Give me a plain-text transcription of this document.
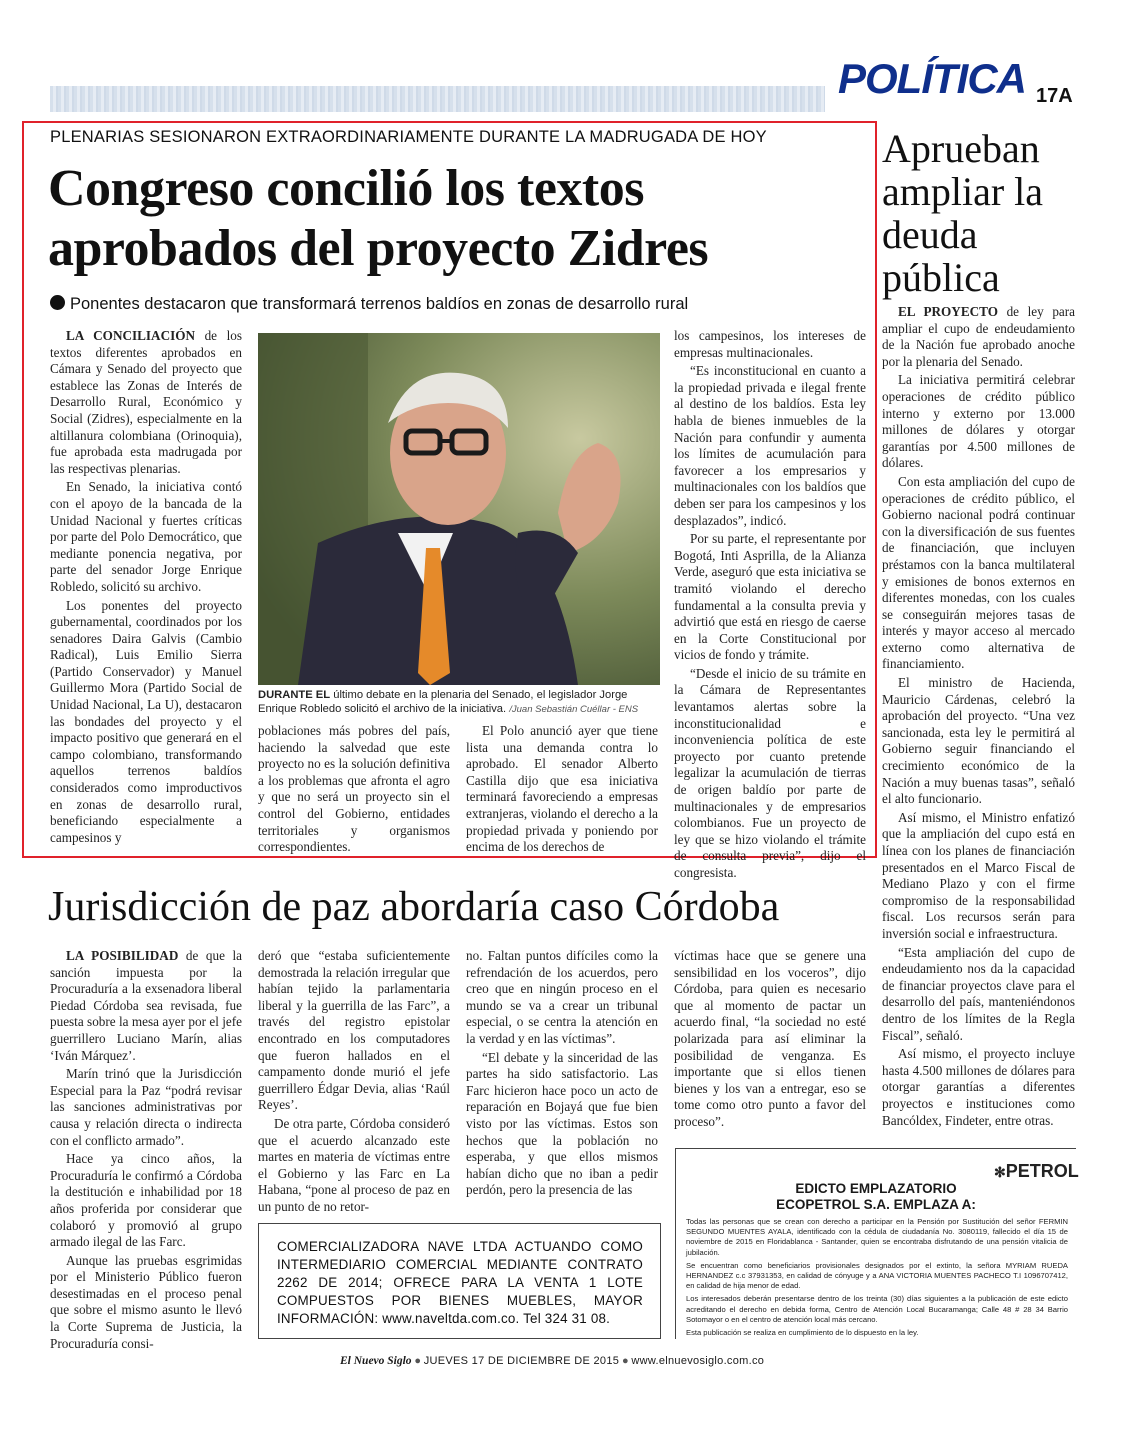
POLÍTICA 17A
PLENARIAS SESIONARON EXTRAORDINARIAMENTE DURANTE LA MADRUGADA DE HOY
Congreso concilió los textos
aprobados del proyecto Zidres
Ponentes destacaron que transformará terrenos baldíos en zonas de desarrollo rural

LA CONCILIACIÓN de los textos diferentes aprobados en Cámara y Senado del proyecto que establece las Zonas de Interés de Desarrollo Rural, Económico y Social (Zidres), especialmente en la altillanura colombiana (Orinoquia), fue aprobada esta madrugada por las respectivas plenarias.

En Senado, la iniciativa contó con el apoyo de la bancada de la Unidad Nacional y fuertes críticas por parte del Polo Democrático, que mediante ponencia negativa, por parte del senador Jorge Enrique Robledo, solicitó su archivo.

Los ponentes del proyecto gubernamental, coordinados por los senadores Daira Galvis (Cambio Radical), Luis Emilio Sierra (Partido Conservador) y Manuel Guillermo Mora (Partido Social de Unidad Nacional, La U), destacaron las bondades del proyecto y el impacto positivo que generará en el campo colombiano, transformando aquellos terrenos baldíos considerados como improductivos en zonas de desarrollo rural, beneficiando especialmente a campesinos y

DURANTE EL último debate en la plenaria del Senado, el legislador Jorge Enrique Robledo solicitó el archivo de la iniciativa. /Juan Sebastián Cuéllar - ENS

poblaciones más pobres del país, haciendo la salvedad que este proyecto no es la solución definitiva a los problemas que afronta el agro y que no será un proyecto sin el control del Gobierno, entidades territoriales y organismos correspondientes.

El Polo anunció ayer que tiene lista una demanda contra lo aprobado. El senador Alberto Castilla dijo que esa iniciativa terminará favoreciendo a empresas extranjeras, violando el derecho a la propiedad privada y poniendo por encima de los derechos de

los campesinos, los intereses de empresas multinacionales.

“Es inconstitucional en cuanto a la propiedad privada e ilegal frente al destino de los baldíos. Esta ley habla de bienes inmuebles de la Nación para confundir y aumenta los límites de acumulación para favorecer a los empresarios y multinacionales con los baldíos que deben ser para los campesinos y los desplazados”, indicó.

Por su parte, el representante por Bogotá, Inti Asprilla, de la Alianza Verde, aseguró que esta iniciativa se tramitó violando el derecho fundamental a la consulta previa y advirtió que está en riesgo de caerse en la Corte Constitucional por vicios de fondo y trámite.

“Desde el inicio de su trámite en la Cámara de Representantes levantamos alertas sobre la inconstitucionalidad e inconveniencia política de este proyecto por cuanto pretende legalizar la acumulación de tierras de origen baldío por parte de multinacionales y de empresarios colombianos. Fue un proyecto de ley que se hizo violando el trámite de consulta previa”, dijo el congresista.

Aprueban ampliar la deuda pública

EL PROYECTO de ley para ampliar el cupo de endeudamiento de la Nación fue aprobado anoche por la plenaria del Senado.

La iniciativa permitirá celebrar operaciones de crédito público interno y externo por 13.000 millones de dólares y otorgar garantías por 4.500 millones de dólares.

Con esta ampliación del cupo de operaciones de crédito público, el Gobierno nacional podrá continuar con la diversificación de sus fuentes de financiación, que incluyen préstamos con la banca multilateral y emisiones de bonos externos en diferentes monedas, con los cuales se conseguirán mejores tasas de interés y mayor acceso al mercado externo como alternativa de financiamiento.

El ministro de Hacienda, Mauricio Cárdenas, celebró la aprobación del proyecto. “Una vez sancionada, esta ley le permitirá al Gobierno seguir financiando el crecimiento económico de la Nación a muy buenas tasas”, señaló el alto funcionario.

Así mismo, el Ministro enfatizó que la ampliación del cupo está en línea con los planes de financiación presentados en el Marco Fiscal de Mediano Plazo y con el firme compromiso de la responsabilidad fiscal. Los recursos serán para inversión social e infraestructura.

“Esta ampliación del cupo de endeudamiento nos da la capacidad de financiar proyectos clave para el desarrollo del país, manteniéndonos dentro de los límites de la Regla Fiscal”, señaló.

Así mismo, el proyecto incluye hasta 4.500 millones de dólares para otorgar garantías a diferentes proyectos e instituciones como Bancóldex, Findeter, entre otras.

Jurisdicción de paz abordaría caso Córdoba

LA POSIBILIDAD de que la sanción impuesta por la Procuraduría a la exsenadora liberal Piedad Córdoba sea revisada, fue puesta sobre la mesa ayer por el jefe guerrillero Luciano Marín, alias ‘Iván Márquez’.

Marín trinó que la Jurisdicción Especial para la Paz “podrá revisar las sanciones administrativas por causa y relación directa o indirecta con el conflicto armado”.

Hace ya cinco años, la Procuraduría le confirmó a Córdoba la destitución e inhabilidad por 18 años proferida por considerar que colaboró y promovió al grupo armado ilegal de las Farc.

Aunque las pruebas esgrimidas por el Ministerio Público fueron desestimadas en el proceso penal que sobre el mismo asunto le llevó la Corte Suprema de Justicia, la Procuraduría consi-

deró que “estaba suficientemente demostrada la relación irregular que habían tejido la parlamentaria liberal y la guerrilla de las Farc”, a través del registro epistolar encontrado en los computadores que fueron hallados en el campamento donde murió el jefe guerrillero Édgar Devia, alias ‘Raúl Reyes’.

De otra parte, Córdoba consideró que el acuerdo alcanzado este martes en materia de víctimas entre el Gobierno y las Farc en La Habana, “pone al proceso de paz en un punto de no retor-

no. Faltan puntos difíciles como la refrendación de los acuerdos, pero creo que en ningún proceso en el mundo se va a crear un tribunal especial, o se centra la atención en la verdad y en las víctimas”.

“El debate y la sinceridad de las partes ha sido satisfactorio. Las Farc hicieron hace poco un acto de reparación en Bojayá que fue bien visto por las víctimas. Estos son hechos que la población no esperaba, y que ellos mismos habían dicho que no iban a pedir perdón, pero la presencia de las

víctimas hace que se genere una sensibilidad en los voceros”, dijo Córdoba, para quien es necesario que al momento de pactar un acuerdo final, “la sociedad no esté polarizada para así eliminar la posibilidad de venganza. Es importante que si ellos tienen bienes y los van a entregar, eso se tome como otro punto a favor del proceso”.

COMERCIALIZADORA NAVE LTDA ACTUANDO COMO INTERMEDIARIO COMERCIAL MEDIANTE CONTRATO 2262 DE 2014; OFRECE PARA LA VENTA 1 LOTE COMPUESTOS POR BIENES MUEBLES, MAYOR INFORMACIÓN: www.naveltda.com.co. Tel 324 31 08.
✻PETROL
EDICTO EMPLAZATORIO
ECOPETROL S.A. EMPLAZA A:

Todas las personas que se crean con derecho a participar en la Pensión por Sustitución del señor FERMIN SEGUNDO MUENTES AYALA, identificado con la cédula de ciudadanía No. 3080119, fallecido el día 15 de noviembre de 2015 en Floridablanca - Santander, quien se encontraba disfrutando de una pensión vitalicia de jubilación.

Se encuentran como beneficiarios provisionales designados por el extinto, la señora MYRIAM RUEDA HERNANDEZ c.c 37931353, en calidad de cónyuge y a ANA VICTORIA MUENTES PACHECO T.I 1096707412, en calidad de hija menor de edad.

Los interesados deberán presentarse dentro de los treinta (30) días siguientes a la publicación de este edicto acreditando el derecho en debida forma, Centro de Atención Local Bucaramanga; Calle 48 # 28 34 Barrio Sotomayor o en el centro de atención local más cercano.

Esta publicación se realiza en cumplimiento de lo dispuesto en la ley.

El Nuevo Siglo ● JUEVES 17 DE DICIEMBRE DE 2015 ● www.elnuevosiglo.com.co
